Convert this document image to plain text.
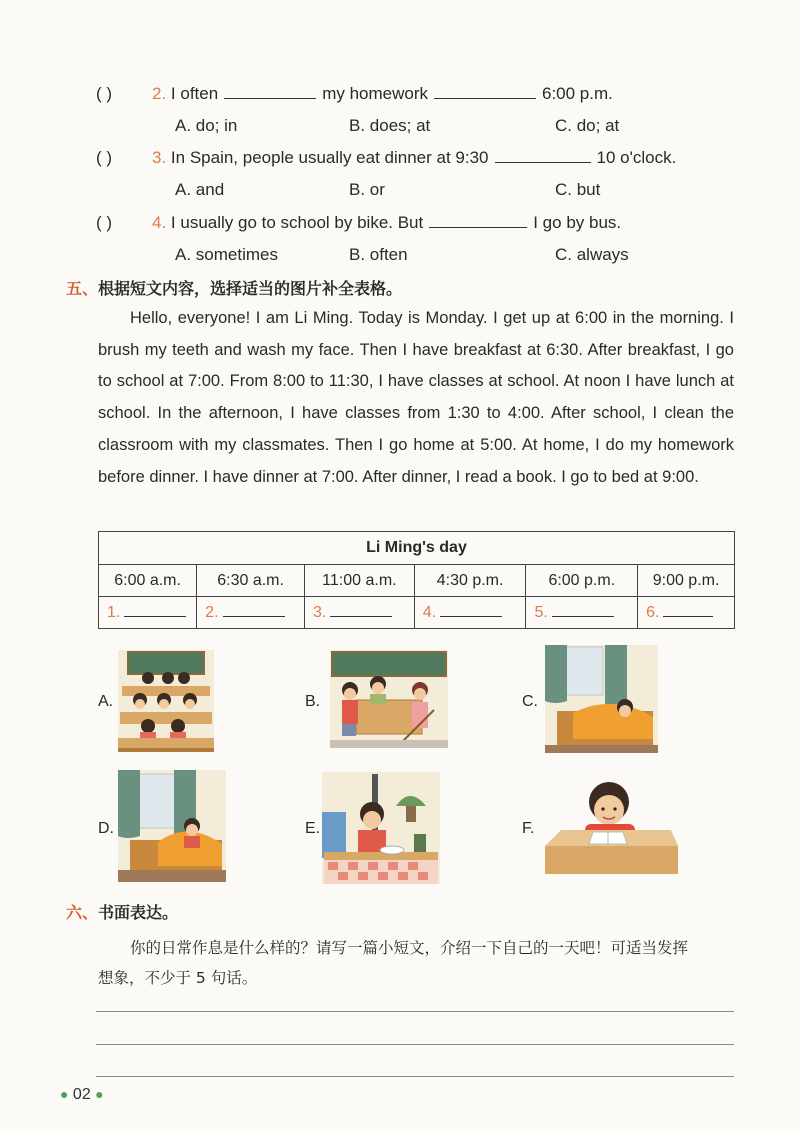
( ) 2. I often	my homework	6:00 p.m.
A. do; in	B. does; at	C. do; at
( ) 3. In Spain, people usually eat dinner at 9:30	10 o'clock.
A. and	B. or	C. but
( ) 4. I usually go to school by bike. But	I go by bus.
A. sometimes	B. often	C. always
五、根据短文内容，选择适当的图片补全表格。

Hello, everyone! I am Li Ming. Today is Monday. I get up at 6:00 in the morning. I brush my teeth and wash my face. Then I have breakfast at 6:30. After breakfast, I go to school at 7:00. From 8:00 to 11:30, I have classes at school. At noon I have lunch at school. In the afternoon, I have classes from 1:30 to 4:00. After school, I clean the classroom with my classmates. Then I go home at 5:00. At home, I do my homework before dinner. I have dinner at 7:00. After dinner, I read a book. I go to bed at 9:00.

Li Ming's day					
6:00 a.m.	6:30 a.m.	11:00 a.m.	4:30 p.m.	6:00 p.m.	9:00 p.m.
1.	2.	3.	4.	5.	6.
A.	B.	C.
D.	E.	F.
六、书面表达。
你的日常作息是什么样的？请写一篇小短文，介绍一下自己的一天吧！可适当发挥
想象，不少于 5 句话。
● 02 ●
